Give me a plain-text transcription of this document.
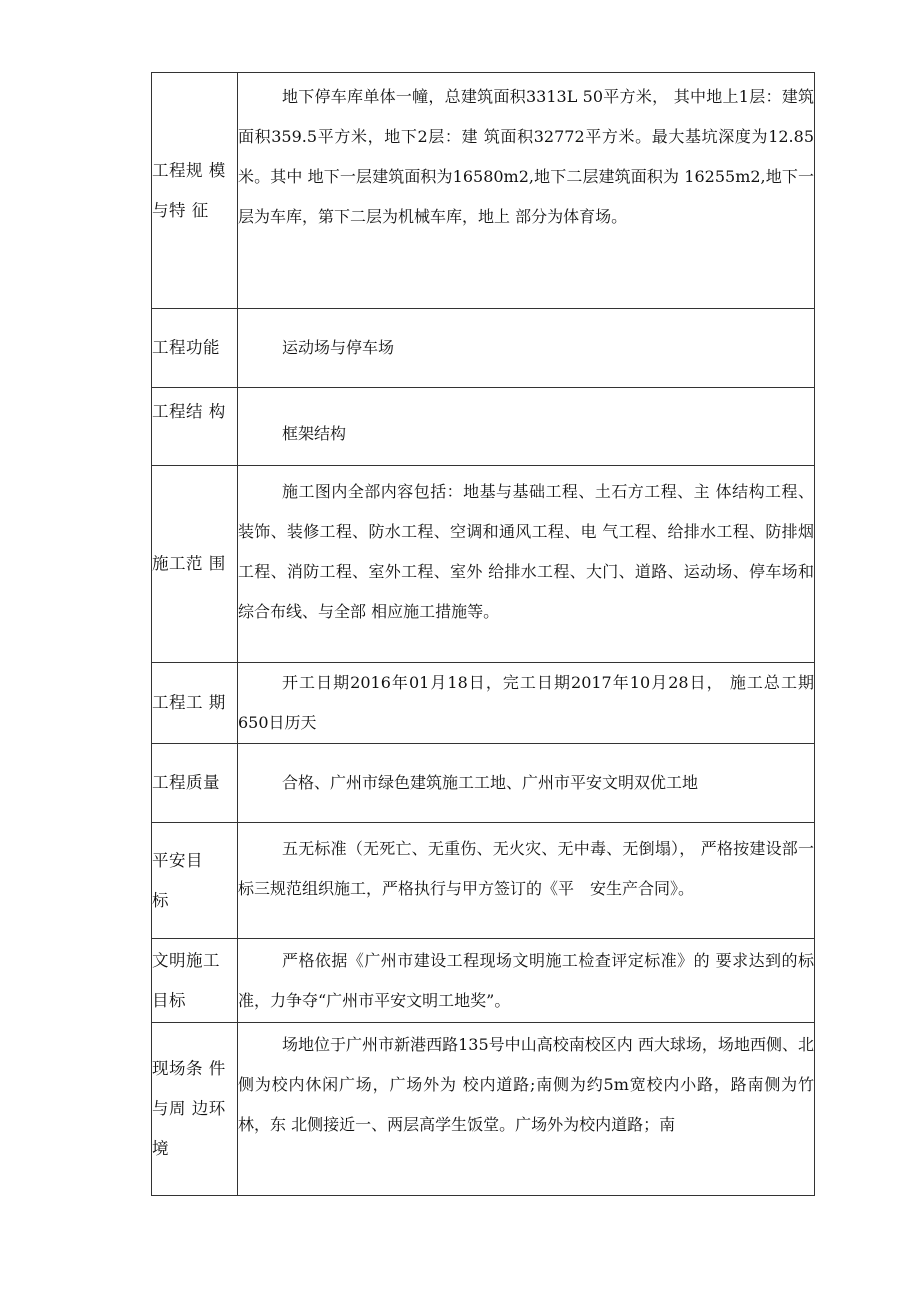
工程规 模与特 征	地下停车库单体一幢，总建筑面积3313L 50平方米， 其中地上1层：建筑面积359.5平方米，地下2层：建 筑面积32772平方米。最大基坑深度为12.85米。其中 地下一层建筑面积为16580m2,地下二层建筑面积为 16255m2,地下一层为车库，第下二层为机械车库，地上 部分为体育场。

工程功能	运动场与停车场

工程结 构	框架结构

施工范 围	施工图内全部内容包括：地基与基础工程、土石方工程、主 体结构工程、装饰、装修工程、防水工程、空调和通风工程、电 气工程、给排水工程、防排烟工程、消防工程、室外工程、室外 给排水工程、大门、道路、运动场、停车场和综合布线、与全部 相应施工措施等。

工程工 期	开工日期2016年01月18日，完工日期2017年10月28日， 施工总工期650日历天

工程质量	合格、广州市绿色建筑施工工地、广州市平安文明双优工地

平安目标	五无标准（无死亡、无重伤、无火灾、无中毒、无倒塌）， 严格按建设部一标三规范组织施工，严格执行与甲方签订的《平　安生产合同》。

文明施工目标	严格依据《广州市建设工程现场文明施工检查评定标准》的 要求达到的标准，力争夺“广州市平安文明工地奖”。

现场条 件与周 边环境	场地位于广州市新港西路135号中山高校南校区内 西大球场，场地西侧、北侧为校内休闲广场，广场外为 校内道路;南侧为约5m宽校内小路，路南侧为竹林，东 北侧接近一、两层高学生饭堂。广场外为校内道路；南
